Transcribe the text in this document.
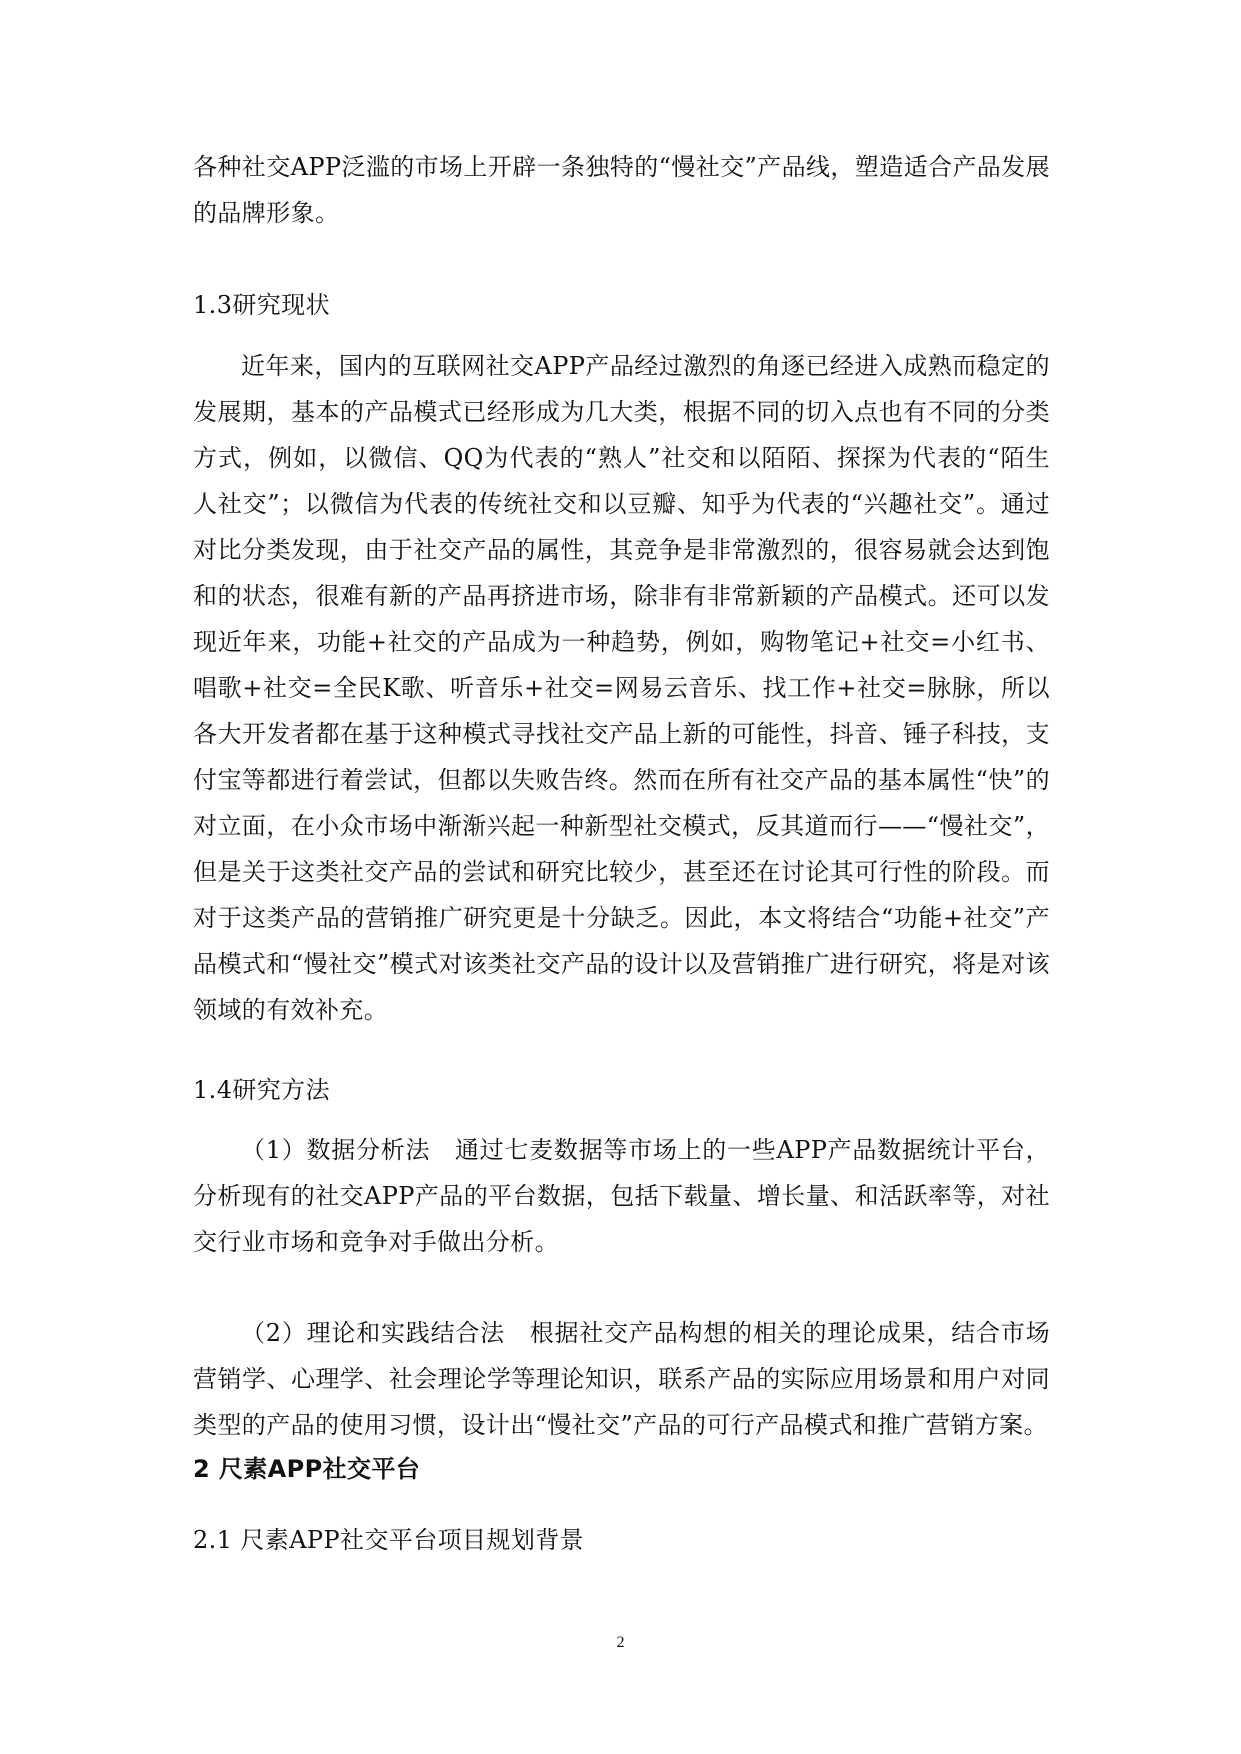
各种社交APP泛滥的市场上开辟一条独特的“慢社交”产品线，塑造适合产品发展的品牌形象。
1.3研究现状
近年来，国内的互联网社交APP产品经过激烈的角逐已经进入成熟而稳定的发展期，基本的产品模式已经形成为几大类，根据不同的切入点也有不同的分类方式，例如，以微信、QQ为代表的“熟人”社交和以陌陌、探探为代表的“陌生人社交”；以微信为代表的传统社交和以豆瓣、知乎为代表的“兴趣社交”。通过对比分类发现，由于社交产品的属性，其竞争是非常激烈的，很容易就会达到饱和的状态，很难有新的产品再挤进市场，除非有非常新颖的产品模式。还可以发现近年来，功能+社交的产品成为一种趋势，例如，购物笔记+社交=小红书、唱歌+社交=全民K歌、听音乐+社交=网易云音乐、找工作+社交=脉脉，所以各大开发者都在基于这种模式寻找社交产品上新的可能性，抖音、锤子科技，支付宝等都进行着尝试，但都以失败告终。然而在所有社交产品的基本属性“快”的对立面，在小众市场中渐渐兴起一种新型社交模式，反其道而行——“慢社交”，但是关于这类社交产品的尝试和研究比较少，甚至还在讨论其可行性的阶段。而对于这类产品的营销推广研究更是十分缺乏。因此，本文将结合“功能+社交”产品模式和“慢社交”模式对该类社交产品的设计以及营销推广进行研究，将是对该领域的有效补充。
1.4研究方法
（1）数据分析法　通过七麦数据等市场上的一些APP产品数据统计平台，分析现有的社交APP产品的平台数据，包括下载量、增长量、和活跃率等，对社交行业市场和竞争对手做出分析。
（2）理论和实践结合法　根据社交产品构想的相关的理论成果，结合市场营销学、心理学、社会理论学等理论知识，联系产品的实际应用场景和用户对同类型的产品的使用习惯，设计出“慢社交”产品的可行产品模式和推广营销方案。
2 尺素APP社交平台
2.1 尺素APP社交平台项目规划背景
2
